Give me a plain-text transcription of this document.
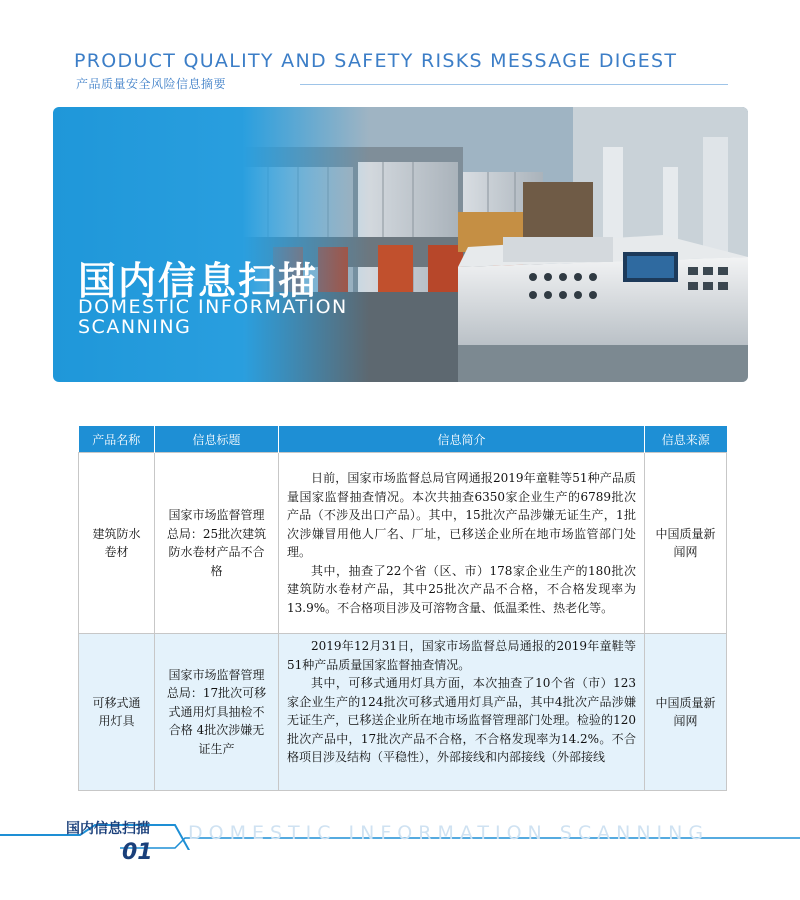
PRODUCT QUALITY AND SAFETY RISKS MESSAGE DIGEST
产品质量安全风险信息摘要
国内信息扫描
DOMESTIC INFORMATION
SCANNING
产品名称	信息标题	信息简介	信息来源
建筑防水卷材	国家市场监督管理总局：25批次建筑防水卷材产品不合格	日前，国家市场监督总局官网通报2019年童鞋等51种产品质量国家监督抽查情况。本次共抽查6350家企业生产的6789批次产品（不涉及出口产品）。其中，15批次产品涉嫌无证生产，1批次涉嫌冒用他人厂名、厂址，已移送企业所在地市场监管部门处理。

其中，抽查了22个省（区、市）178家企业生产的180批次建筑防水卷材产品，其中25批次产品不合格，不合格发现率为13.9%。不合格项目涉及可溶物含量、低温柔性、热老化等。	中国质量新闻网
可移式通用灯具	国家市场监督管理总局：17批次可移式通用灯具抽检不合格 4批次涉嫌无证生产	2019年12月31日，国家市场监督总局通报的2019年童鞋等51种产品质量国家监督抽查情况。

其中，可移式通用灯具方面，本次抽查了10个省（市）123家企业生产的124批次可移式通用灯具产品，其中4批次产品涉嫌无证生产，已移送企业所在地市场监督管理部门处理。检验的120批次产品中，17批次产品不合格，不合格发现率为14.2%。不合格项目涉及结构（平稳性），外部接线和内部接线（外部接线	中国质量新闻网
国内信息扫描 DOMESTIC INFORMATION SCANNING
01
